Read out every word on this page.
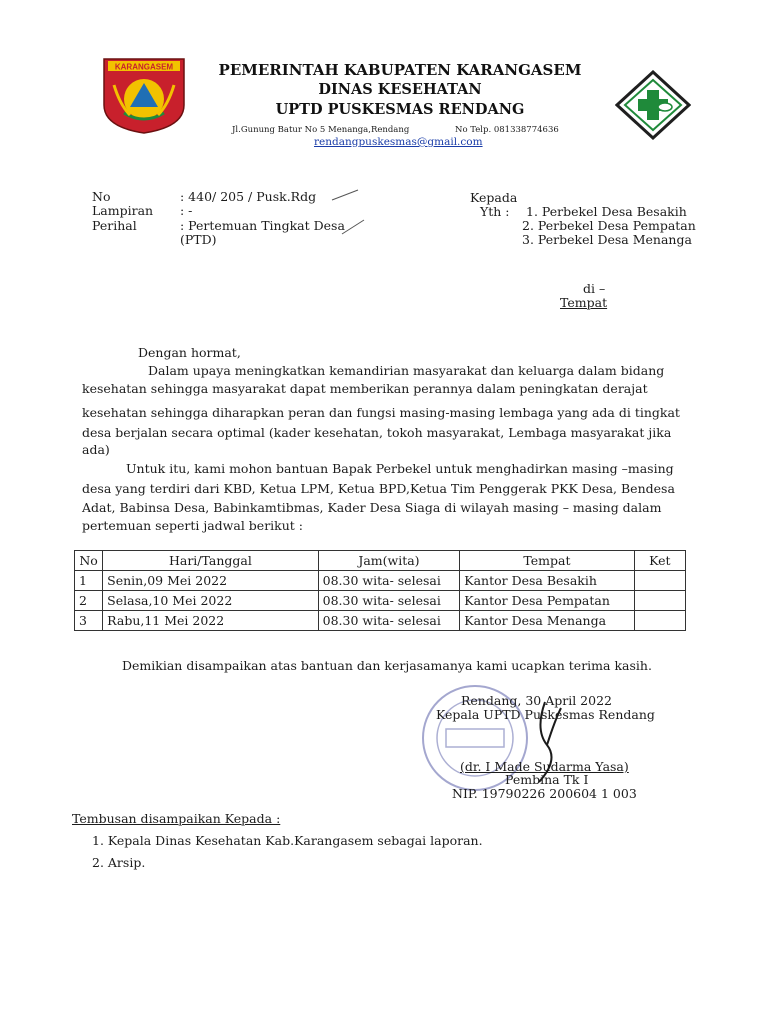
KARANGASEM	PEMERINTAH KABUPATEN KARANGASEM
DINAS KESEHATAN
UPTD PUSKESMAS RENDANG
Jl.Gunung Batur No 5 Menanga,Rendang	No Telp. 081338774636
rendangpuskesmas@gmail.com
No	: 440/ 205 / Pusk.Rdg
Lampiran : -
Perihal	: Pertemuan Tingkat Desa
(PTD)
Kepada
Yth : 1. Perbekel Desa Besakih
2. Perbekel Desa Pempatan
3. Perbekel Desa Menanga
di –
Tempat
Dengan hormat,
Dalam upaya meningkatkan kemandirian masyarakat dan keluarga dalam bidang
kesehatan sehingga masyarakat dapat memberikan perannya dalam peningkatan derajat
kesehatan sehingga diharapkan peran dan fungsi masing-masing lembaga yang ada di tingkat
desa berjalan secara optimal (kader kesehatan, tokoh masyarakat, Lembaga masyarakat jika
ada)
Untuk itu, kami mohon bantuan Bapak Perbekel untuk menghadirkan masing –masing
desa yang terdiri dari KBD, Ketua LPM, Ketua BPD,Ketua Tim Penggerak PKK Desa, Bendesa
Adat, Babinsa Desa, Babinkamtibmas, Kader Desa Siaga di wilayah masing – masing dalam
pertemuan seperti jadwal berikut :
No	Hari/Tanggal	Jam(wita)	Tempat	Ket
1	Senin,09 Mei 2022	08.30 wita- selesai	Kantor Desa Besakih	
2	Selasa,10 Mei 2022	08.30 wita- selesai	Kantor Desa Pempatan	
3	Rabu,11 Mei 2022	08.30 wita- selesai	Kantor Desa Menanga	
Demikian disampaikan atas bantuan dan kerjasamanya kami ucapkan terima kasih.
Rendang, 30 April 2022
Kepala UPTD Puskesmas Rendang
(dr. I Made Sudarma Yasa)
Pembina Tk I
NIP. 19790226 200604 1 003
Tembusan disampaikan Kepada :
1. Kepala Dinas Kesehatan Kab.Karangasem sebagai laporan.
2. Arsip.
